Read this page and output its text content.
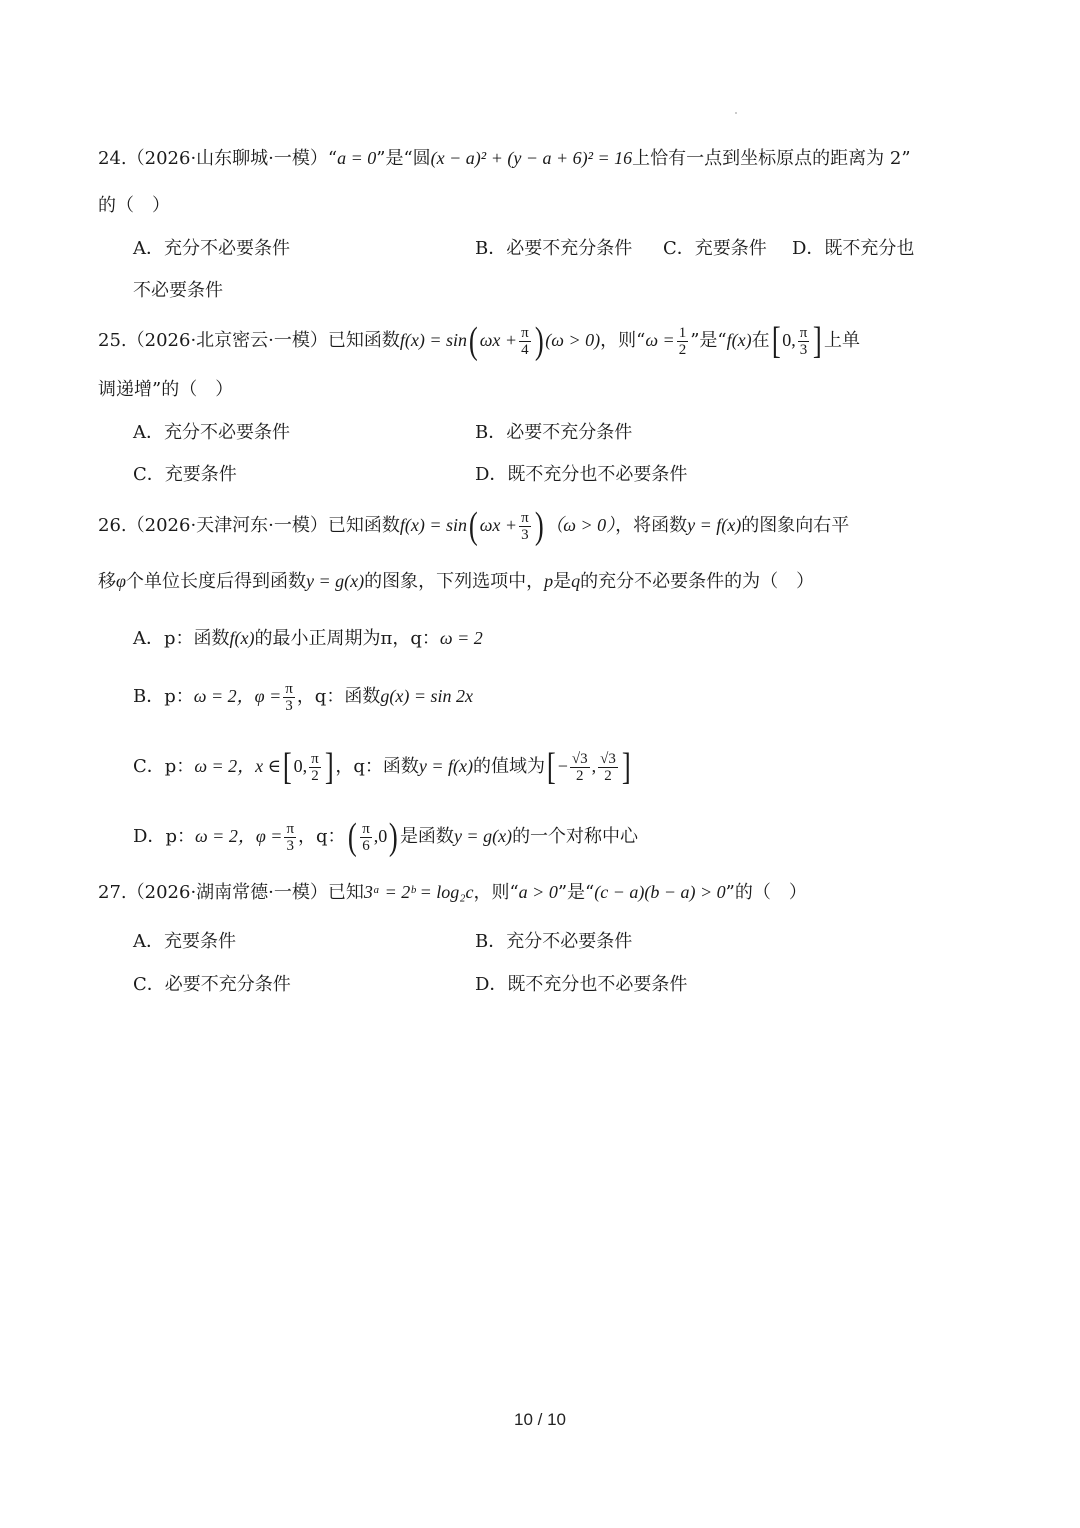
24.（2026·山东聊城·一模）“a = 0”是“圆(x − a)² + (y − a + 6)² = 16上恰有一点到坐标原点的距离为 2”
的（　）
A．充分不必要条件	B．必要不充分条件 C．充要条件 D．既不充分也
不必要条件
25.（2026·北京密云·一模）已知函数f(x) = sin( $\omega x + \frac{\pi}{4}$ ) (ω > 0)，则“$\omega = \frac{1}{2}$ ”是“f(x)在[ 0, $\frac{\pi}{3}$ ] 上单
调递增”的（　）
A．充分不必要条件	B．必要不充分条件
C．充要条件	D．既不充分也不必要条件
26.（2026·天津河东·一模）已知函数f(x) = sin( $\omega x + \frac{\pi}{3}$ ) （ω > 0），将函数y = f(x)的图象向右平
移φ个单位长度后得到函数y = g(x)的图象，下列选项中，p是q的充分不必要条件的为（　）
A．p：函数f(x)的最小正周期为π，q：ω = 2
B．p：ω = 2，$\varphi = \frac{\pi}{3}$ ，q：函数g(x) = sin 2x
C．p：ω = 2，x ∈[ 0, $\frac{\pi}{2}$ ] ，q：函数y = f(x)的值域为[ − $\frac{√3}{2}$ , $\frac{√3}{2}$ ]
D．p：ω = 2，$\varphi = \frac{\pi}{3}$ ，q：( $\frac{\pi}{6} ,0$) 是函数y = g(x)的一个对称中心
27.（2026·湖南常德·一模）已知3ᵃ = 2ᵇ = log₂c，则“a > 0”是“(c − a)(b − a) > 0”的（　）
A．充要条件	B．充分不必要条件
C．必要不充分条件	D．既不充分也不必要条件
10 / 10
